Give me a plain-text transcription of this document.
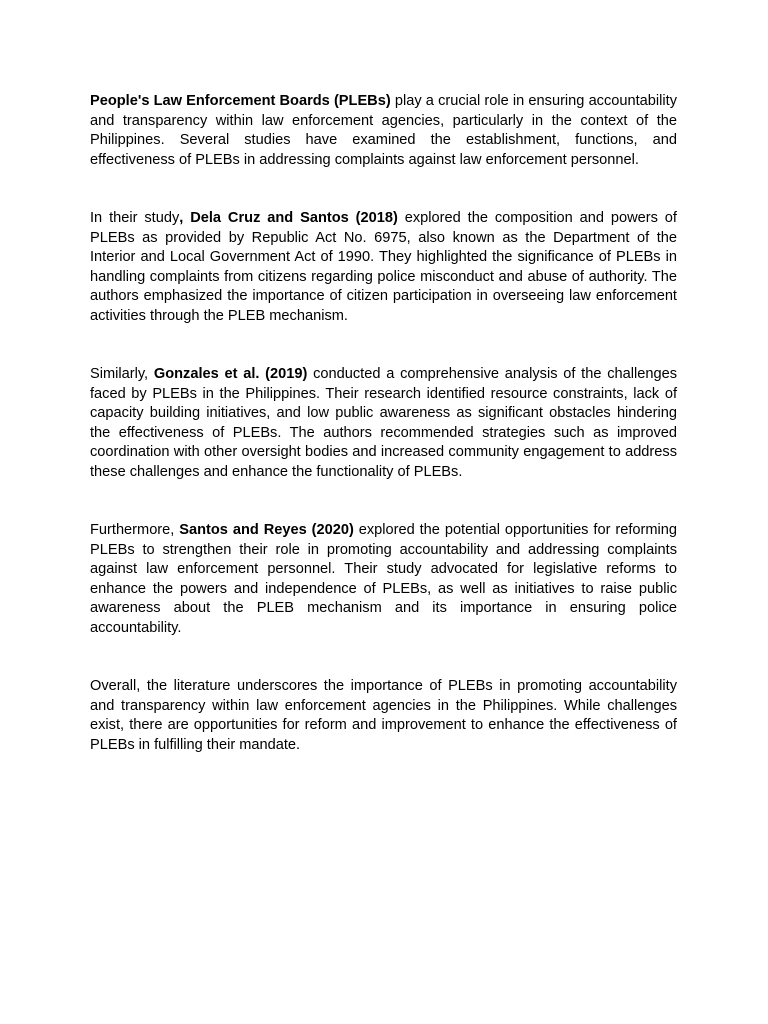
People's Law Enforcement Boards (PLEBs) play a crucial role in ensuring accountability and transparency within law enforcement agencies, particularly in the context of the Philippines. Several studies have examined the establishment, functions, and effectiveness of PLEBs in addressing complaints against law enforcement personnel.

In their study, Dela Cruz and Santos (2018) explored the composition and powers of PLEBs as provided by Republic Act No. 6975, also known as the Department of the Interior and Local Government Act of 1990. They highlighted the significance of PLEBs in handling complaints from citizens regarding police misconduct and abuse of authority. The authors emphasized the importance of citizen participation in overseeing law enforcement activities through the PLEB mechanism.

Similarly, Gonzales et al. (2019) conducted a comprehensive analysis of the challenges faced by PLEBs in the Philippines. Their research identified resource constraints, lack of capacity building initiatives, and low public awareness as significant obstacles hindering the effectiveness of PLEBs. The authors recommended strategies such as improved coordination with other oversight bodies and increased community engagement to address these challenges and enhance the functionality of PLEBs.

Furthermore, Santos and Reyes (2020) explored the potential opportunities for reforming PLEBs to strengthen their role in promoting accountability and addressing complaints against law enforcement personnel. Their study advocated for legislative reforms to enhance the powers and independence of PLEBs, as well as initiatives to raise public awareness about the PLEB mechanism and its importance in ensuring police accountability.

Overall, the literature underscores the importance of PLEBs in promoting accountability and transparency within law enforcement agencies in the Philippines. While challenges exist, there are opportunities for reform and improvement to enhance the effectiveness of PLEBs in fulfilling their mandate.
